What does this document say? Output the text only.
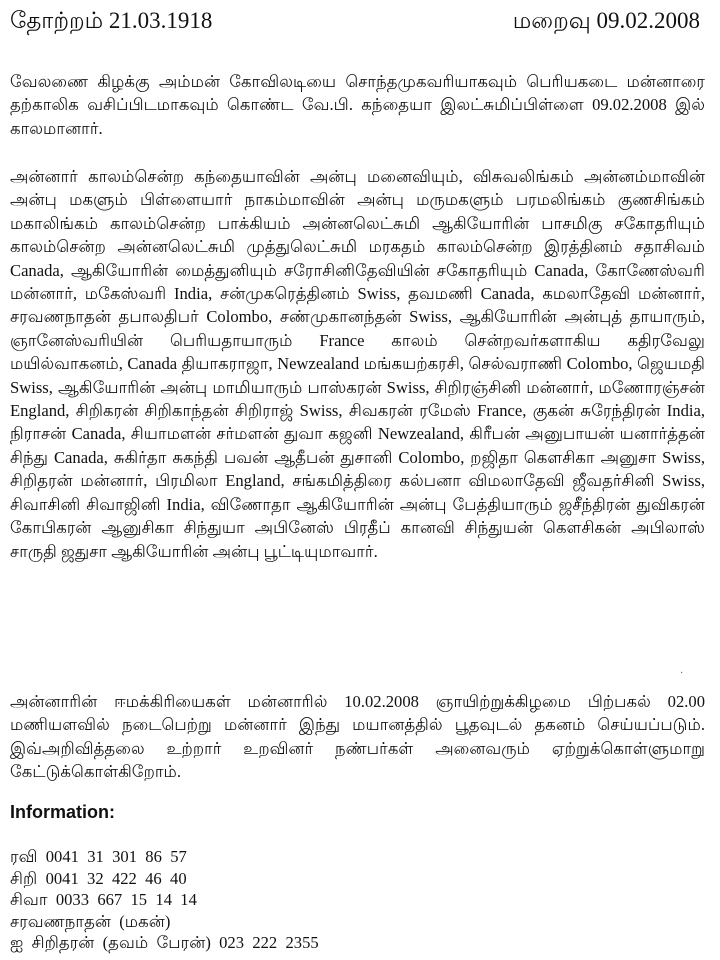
தோற்றம் 21.03.1918	மறைவு 09.02.2008

வேலணை கிழக்கு அம்மன் கோவிலடியை சொந்தமுகவரியாகவும் பெரியகடை மன்னாரை தற்காலிக வசிப்பிடமாகவும் கொண்ட வே.பி. கந்தையா இலட்சுமிப்பிள்ளை 09.02.2008 இல் காலமானார்.

அன்னார் காலம்சென்ற கந்தையாவின் அன்பு மனைவியும், விசுவலிங்கம் அன்னம்மாவின் அன்பு மகளும் பிள்ளையார் நாகம்மாவின் அன்பு மருமகளும் பரமலிங்கம் குணசிங்கம் மகாலிங்கம் காலம்சென்ற பாக்கியம் அன்னலெட்சுமி ஆகியோரின் பாசமிகு சகோதரியும் காலம்சென்ற அன்னலெட்சுமி முத்துலெட்சுமி மரகதம் காலம்சென்ற இரத்தினம் சதாசிவம் Canada, ஆகியோரின் மைத்துனியும் சரோசினிதேவியின் சகோதரியும் Canada, கோணேஸ்வரி மன்னார், மகேஸ்வரி India, சன்முகரெத்தினம் Swiss, தவமணி Canada, கமலாதேவி மன்னார், சரவணநாதன் தபாலதிபர் Colombo, சண்முகானந்தன் Swiss, ஆகியோரின் அன்புத் தாயாரும், ஞானேஸ்வரியின் பெரியதாயாரும் France காலம் சென்றவர்களாகிய கதிரவேலு மயில்வாகனம், Canada தியாகராஜா, Newzealand மங்கயற்கரசி, செல்வராணி Colombo, ஜெயமதி Swiss, ஆகியோரின் அன்பு மாமியாரும் பாஸ்கரன் Swiss, சிறிரஞ்சினி மன்னார், மணோரஞ்சன் England, சிறிகரன் சிறிகாந்தன் சிறிராஜ் Swiss, சிவகரன் ரமேஸ் France, குகன் சுரேந்திரன் India, நிராசன் Canada, சியாமளன் சர்மளன் துவா கஜனி Newzealand, கிரீபன் அனுபாயன் யனார்த்தன் சிந்து Canada, சுகிர்தா சுகந்தி பவன் ஆதீபன் துசானி Colombo, றஜிதா கௌசிகா அனுசா Swiss, சிறிதரன் மன்னார், பிரமிலா England, சங்கமித்திரை கல்பனா விமலாதேவி ஜீவதர்சினி Swiss, சிவாசினி சிவாஜினி India, விணோதா ஆகியோரின் அன்பு பேத்தியாரும் ஜசீந்திரன் துவிகரன் கோபிகரன் ஆனுசிகா சிந்துயா அபினேஸ் பிரதீப் கானவி சிந்துயன் கௌசிகன் அபிலாஸ் சாருதி ஜதுசா ஆகியோரின் அன்பு பூட்டியுமாவார்.

·

அன்னாரின் ஈமக்கிரியைகள் மன்னாரில் 10.02.2008 ஞாயிற்றுக்கிழமை பிற்பகல் 02.00 மணியளவில் நடைபெற்று மன்னார் இந்து மயானத்தில் பூதவுடல் தகனம் செய்யப்படும். இவ்அறிவித்தலை உற்றார் உறவினர் நண்பர்கள் அனைவரும் ஏற்றுக்கொள்ளுமாறு கேட்டுக்கொள்கிறோம்.

Information:
ரவி  0041  31  301  86  57
சிறி  0041  32  422  46  40
சிவா  0033  667  15  14  14
சரவணநாதன்  (மகன்)
ஐ  சிறிதரன்  (தவம்  பேரன்)  023  222  2355
